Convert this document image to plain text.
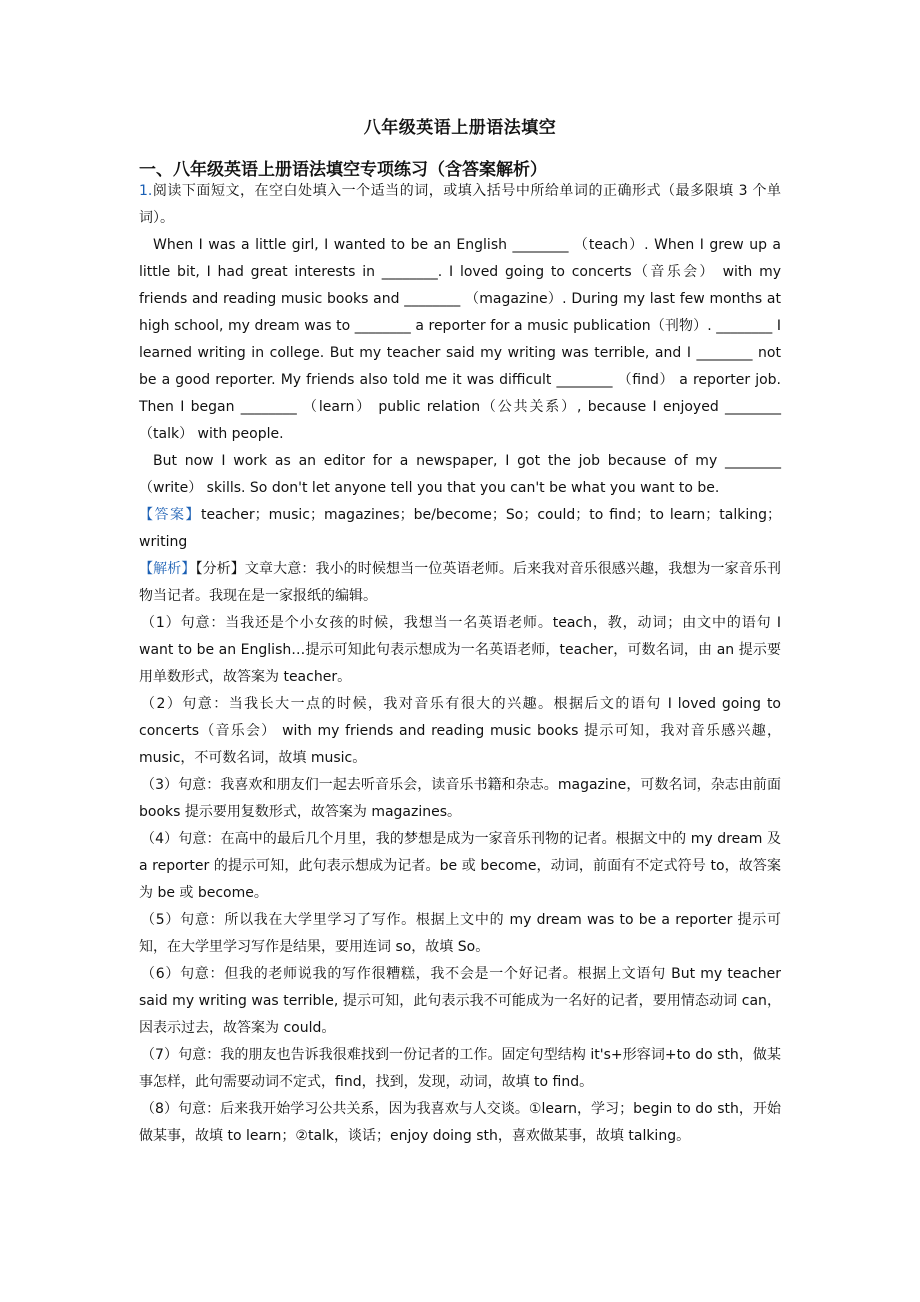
八年级英语上册语法填空
一、八年级英语上册语法填空专项练习（含答案解析）

1.阅读下面短文，在空白处填入一个适当的词，或填入括号中所给单词的正确形式（最多限填 3 个单词）。

When I was a little girl, I wanted to be an English ________ （teach）. When I grew up a little bit, I had great interests in ________. I loved going to concerts（音乐会） with my friends and reading music books and ________ （magazine）. During my last few months at high school, my dream was to ________ a reporter for a music publication（刊物）. ________ I learned writing in college. But my teacher said my writing was terrible, and I ________ not be a good reporter. My friends also told me it was difficult ________ （find） a reporter job. Then I began ________ （learn） public relation（公共关系）, because I enjoyed ________ （talk） with people.

But now I work as an editor for a newspaper, I got the job because of my ________ （write） skills. So don't let anyone tell you that you can't be what you want to be.

【答案】teacher；music；magazines；be/become；So；could；to find；to learn；talking；writing

【解析】【分析】文章大意：我小的时候想当一位英语老师。后来我对音乐很感兴趣，我想为一家音乐刊物当记者。我现在是一家报纸的编辑。

（1）句意：当我还是个小女孩的时候，我想当一名英语老师。teach，教，动词；由文中的语句 I want to be an English…提示可知此句表示想成为一名英语老师，teacher，可数名词，由 an 提示要用单数形式，故答案为 teacher。

（2）句意：当我长大一点的时候，我对音乐有很大的兴趣。根据后文的语句 I loved going to concerts（音乐会） with my friends and reading music books 提示可知，我对音乐感兴趣，music，不可数名词，故填 music。

（3）句意：我喜欢和朋友们一起去听音乐会，读音乐书籍和杂志。magazine，可数名词，杂志由前面 books 提示要用复数形式，故答案为 magazines。

（4）句意：在高中的最后几个月里，我的梦想是成为一家音乐刊物的记者。根据文中的 my dream 及 a reporter 的提示可知，此句表示想成为记者。be 或 become，动词，前面有不定式符号 to，故答案为 be 或 become。

（5）句意：所以我在大学里学习了写作。根据上文中的 my dream was to be a reporter 提示可知，在大学里学习写作是结果，要用连词 so，故填 So。

（6）句意：但我的老师说我的写作很糟糕，我不会是一个好记者。根据上文语句 But my teacher said my writing was terrible, 提示可知，此句表示我不可能成为一名好的记者，要用情态动词 can，因表示过去，故答案为 could。

（7）句意：我的朋友也告诉我很难找到一份记者的工作。固定句型结构 it's+形容词+to do sth，做某事怎样，此句需要动词不定式，find，找到，发现，动词，故填 to find。

（8）句意：后来我开始学习公共关系，因为我喜欢与人交谈。①learn，学习；begin to do sth，开始做某事，故填 to learn；②talk，谈话；enjoy doing sth，喜欢做某事，故填 talking。
